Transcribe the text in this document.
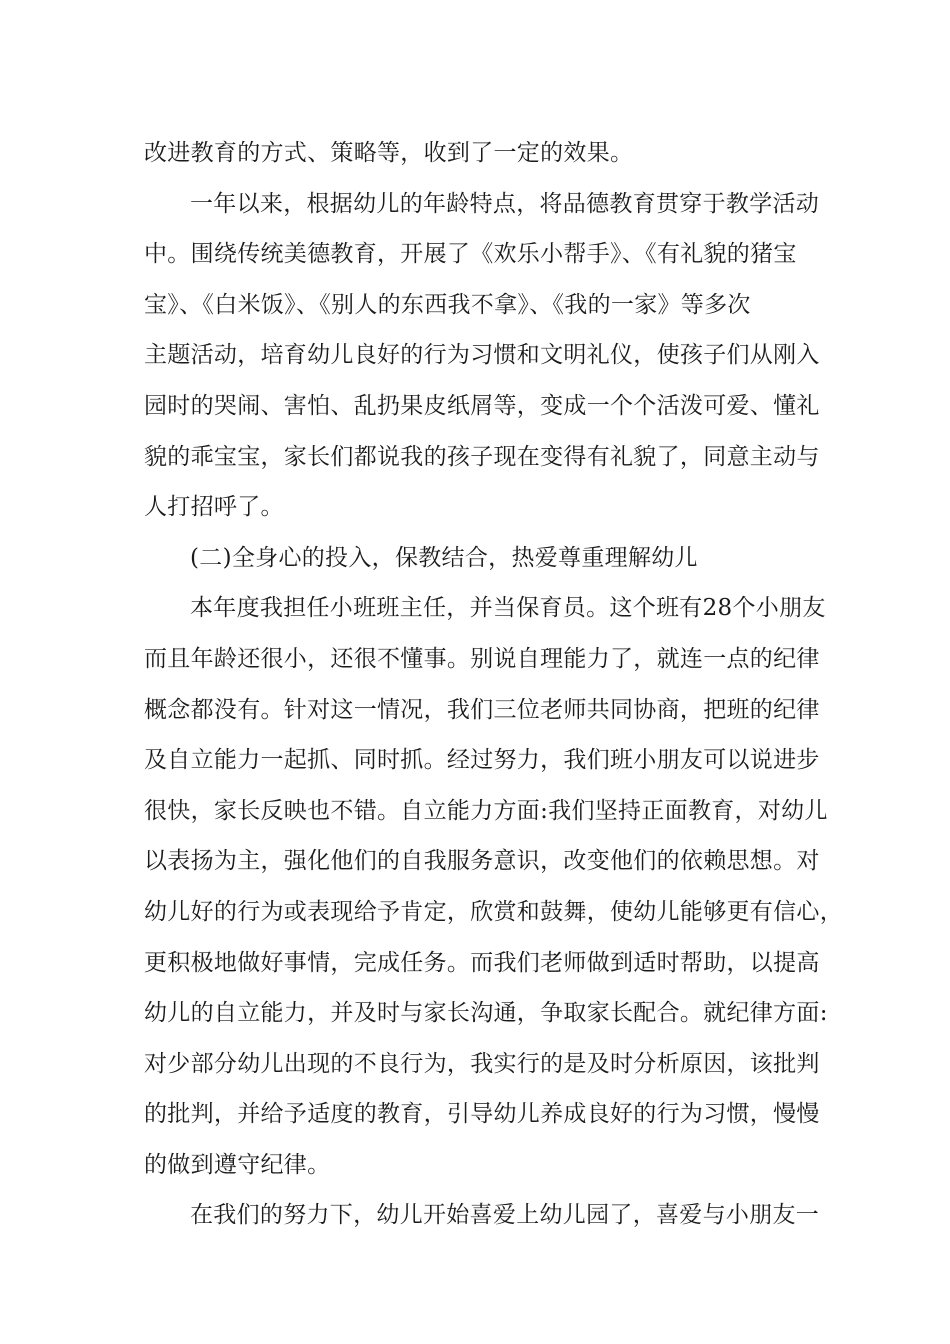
改进教育的方式、策略等，收到了一定的效果。
一年以来，根据幼儿的年龄特点，将品德教育贯穿于教学活动
中。围绕传统美德教育，开展了《欢乐小帮手》、《有礼貌的猪宝
宝》、《白米饭》、《别人的东西我不拿》、《我的一家》等多次
主题活动，培育幼儿良好的行为习惯和文明礼仪，使孩子们从刚入
园时的哭闹、害怕、乱扔果皮纸屑等，变成一个个活泼可爱、懂礼
貌的乖宝宝，家长们都说我的孩子现在变得有礼貌了，同意主动与
人打招呼了。
(二)全身心的投入，保教结合，热爱尊重理解幼儿
本年度我担任小班班主任，并当保育员。这个班有28个小朋友
而且年龄还很小，还很不懂事。别说自理能力了，就连一点的纪律
概念都没有。针对这一情况，我们三位老师共同协商，把班的纪律
及自立能力一起抓、同时抓。经过努力，我们班小朋友可以说进步
很快，家长反映也不错。自立能力方面:我们坚持正面教育，对幼儿
以表扬为主，强化他们的自我服务意识，改变他们的依赖思想。对
幼儿好的行为或表现给予肯定，欣赏和鼓舞，使幼儿能够更有信心，
更积极地做好事情，完成任务。而我们老师做到适时帮助，以提高
幼儿的自立能力，并及时与家长沟通，争取家长配合。就纪律方面:
对少部分幼儿出现的不良行为，我实行的是及时分析原因，该批判
的批判，并给予适度的教育，引导幼儿养成良好的行为习惯，慢慢
的做到遵守纪律。
在我们的努力下，幼儿开始喜爱上幼儿园了，喜爱与小朋友一
